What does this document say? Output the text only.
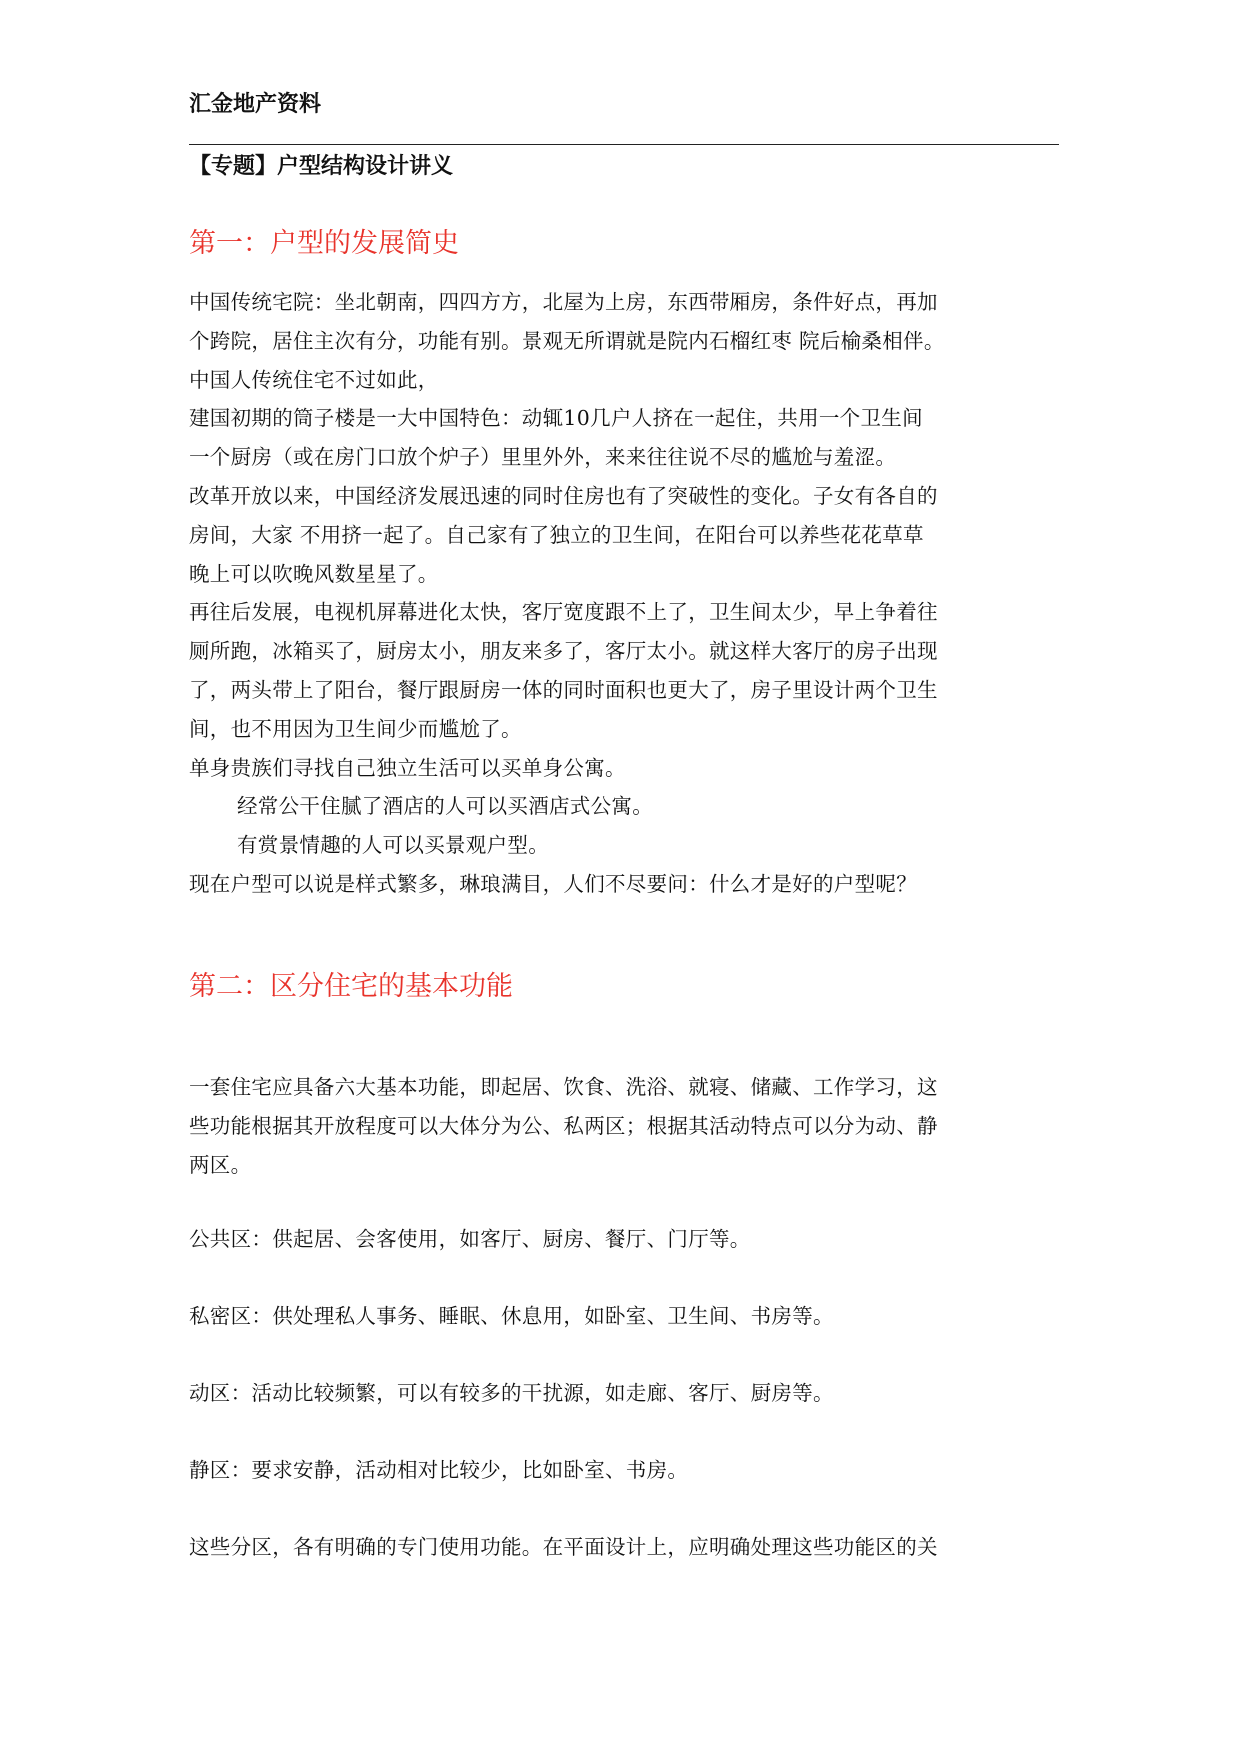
汇金地产资料
【专题】户型结构设计讲义
第一：户型的发展简史
中国传统宅院：坐北朝南，四四方方，北屋为上房，东西带厢房，条件好点，再加
个跨院，居住主次有分，功能有别。景观无所谓就是院内石榴红枣 院后榆桑相伴。
中国人传统住宅不过如此，
建国初期的筒子楼是一大中国特色：动辄10几户人挤在一起住，共用一个卫生间
一个厨房（或在房门口放个炉子）里里外外，来来往往说不尽的尴尬与羞涩。
改革开放以来，中国经济发展迅速的同时住房也有了突破性的变化。子女有各自的
房间，大家 不用挤一起了。自己家有了独立的卫生间，在阳台可以养些花花草草
晚上可以吹晚风数星星了。
再往后发展，电视机屏幕进化太快，客厅宽度跟不上了，卫生间太少，早上争着往
厕所跑，冰箱买了，厨房太小，朋友来多了，客厅太小。就这样大客厅的房子出现
了，两头带上了阳台，餐厅跟厨房一体的同时面积也更大了，房子里设计两个卫生
间，也不用因为卫生间少而尴尬了。
单身贵族们寻找自己独立生活可以买单身公寓。
经常公干住腻了酒店的人可以买酒店式公寓。
有赏景情趣的人可以买景观户型。
现在户型可以说是样式繁多，琳琅满目，人们不尽要问：什么才是好的户型呢？
第二：区分住宅的基本功能
一套住宅应具备六大基本功能，即起居、饮食、洗浴、就寝、储藏、工作学习，这
些功能根据其开放程度可以大体分为公、私两区；根据其活动特点可以分为动、静
两区。
公共区：供起居、会客使用，如客厅、厨房、餐厅、门厅等。
私密区：供处理私人事务、睡眠、休息用，如卧室、卫生间、书房等。
动区：活动比较频繁，可以有较多的干扰源，如走廊、客厅、厨房等。
静区：要求安静，活动相对比较少，比如卧室、书房。
这些分区，各有明确的专门使用功能。在平面设计上，应明确处理这些功能区的关
